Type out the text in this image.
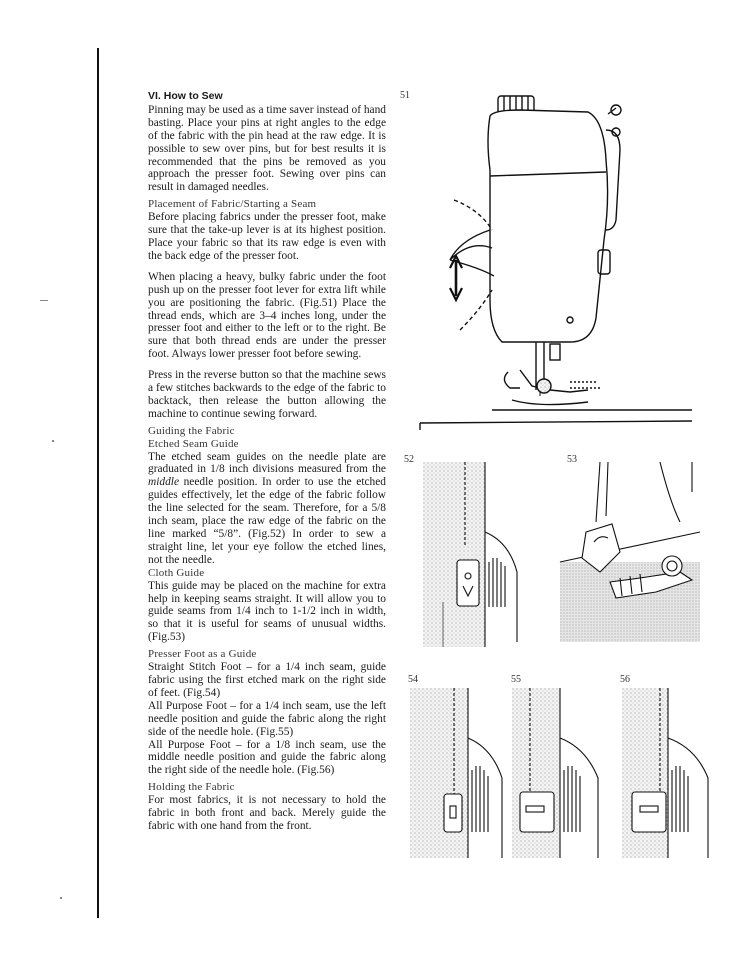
VI. How to Sew

Pinning may be used as a time saver instead of hand basting. Place your pins at right angles to the edge of the fabric with the pin head at the raw edge. It is possible to sew over pins, but for best results it is recommended that the pins be removed as you approach the presser foot. Sewing over pins can result in damaged needles.

Placement of Fabric/Starting a Seam

Before placing fabrics under the presser foot, make sure that the take-up lever is at its highest position. Place your fabric so that its raw edge is even with the back edge of the presser foot.

When placing a heavy, bulky fabric under the foot push up on the presser foot lever for extra lift while you are positioning the fabric. (Fig.51) Place the thread ends, which are 3–4 inches long, under the presser foot and either to the left or to the right. Be sure that both thread ends are under the presser foot. Always lower presser foot before sewing.

Press in the reverse button so that the machine sews a few stitches backwards to the edge of the fabric to backtack, then release the button allowing the machine to continue sewing forward.

Guiding the Fabric
Etched Seam Guide

The etched seam guides on the needle plate are graduated in 1/8 inch divisions measured from the middle needle position. In order to use the etched guides effectively, let the edge of the fabric follow the line selected for the seam. Therefore, for a 5/8 inch seam, place the raw edge of the fabric on the line marked “5/8”. (Fig.52) In order to sew a straight line, let your eye follow the etched lines, not the needle.

Cloth Guide

This guide may be placed on the machine for extra help in keeping seams straight. It will allow you to guide seams from 1/4 inch to 1-1/2 inch in width, so that it is useful for seams of unusual widths. (Fig.53)

Presser Foot as a Guide

Straight Stitch Foot – for a 1/4 inch seam, guide fabric using the first etched mark on the right side of feet. (Fig.54)

All Purpose Foot – for a 1/4 inch seam, use the left needle position and guide the fabric along the right side of the needle hole. (Fig.55)

All Purpose Foot – for a 1/8 inch seam, use the middle needle position and guide the fabric along the right side of the needle hole. (Fig.56)

Holding the Fabric

For most fabrics, it is not necessary to hold the fabric in both front and back. Merely guide the fabric with one hand from the front.

51
52	53
54	55	56
